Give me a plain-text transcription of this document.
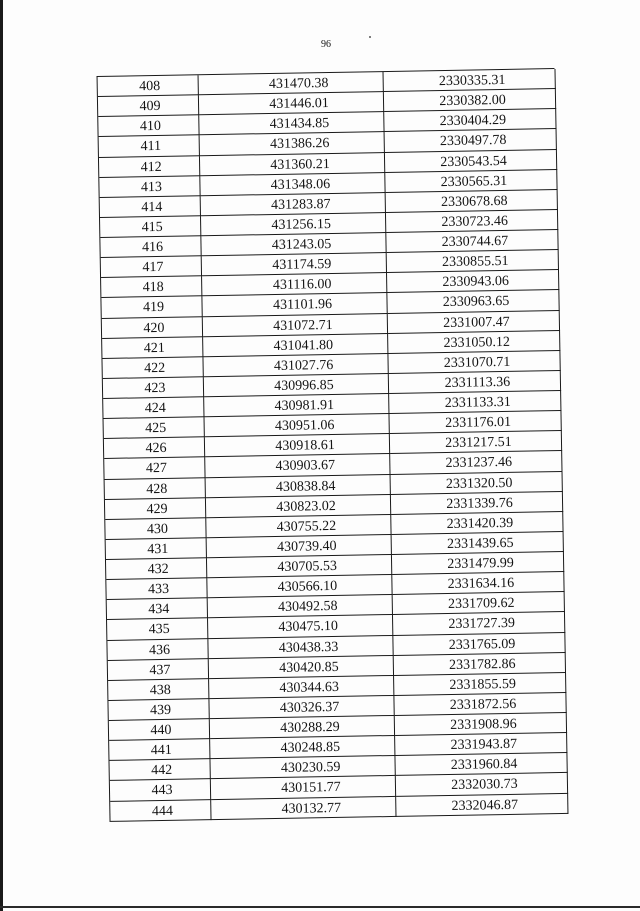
96
408	431470.38	2330335.31
409	431446.01	2330382.00
410	431434.85	2330404.29
411	431386.26	2330497.78
412	431360.21	2330543.54
413	431348.06	2330565.31
414	431283.87	2330678.68
415	431256.15	2330723.46
416	431243.05	2330744.67
417	431174.59	2330855.51
418	431116.00	2330943.06
419	431101.96	2330963.65
420	431072.71	2331007.47
421	431041.80	2331050.12
422	431027.76	2331070.71
423	430996.85	2331113.36
424	430981.91	2331133.31
425	430951.06	2331176.01
426	430918.61	2331217.51
427	430903.67	2331237.46
428	430838.84	2331320.50
429	430823.02	2331339.76
430	430755.22	2331420.39
431	430739.40	2331439.65
432	430705.53	2331479.99
433	430566.10	2331634.16
434	430492.58	2331709.62
435	430475.10	2331727.39
436	430438.33	2331765.09
437	430420.85	2331782.86
438	430344.63	2331855.59
439	430326.37	2331872.56
440	430288.29	2331908.96
441	430248.85	2331943.87
442	430230.59	2331960.84
443	430151.77	2332030.73
444	430132.77	2332046.87
